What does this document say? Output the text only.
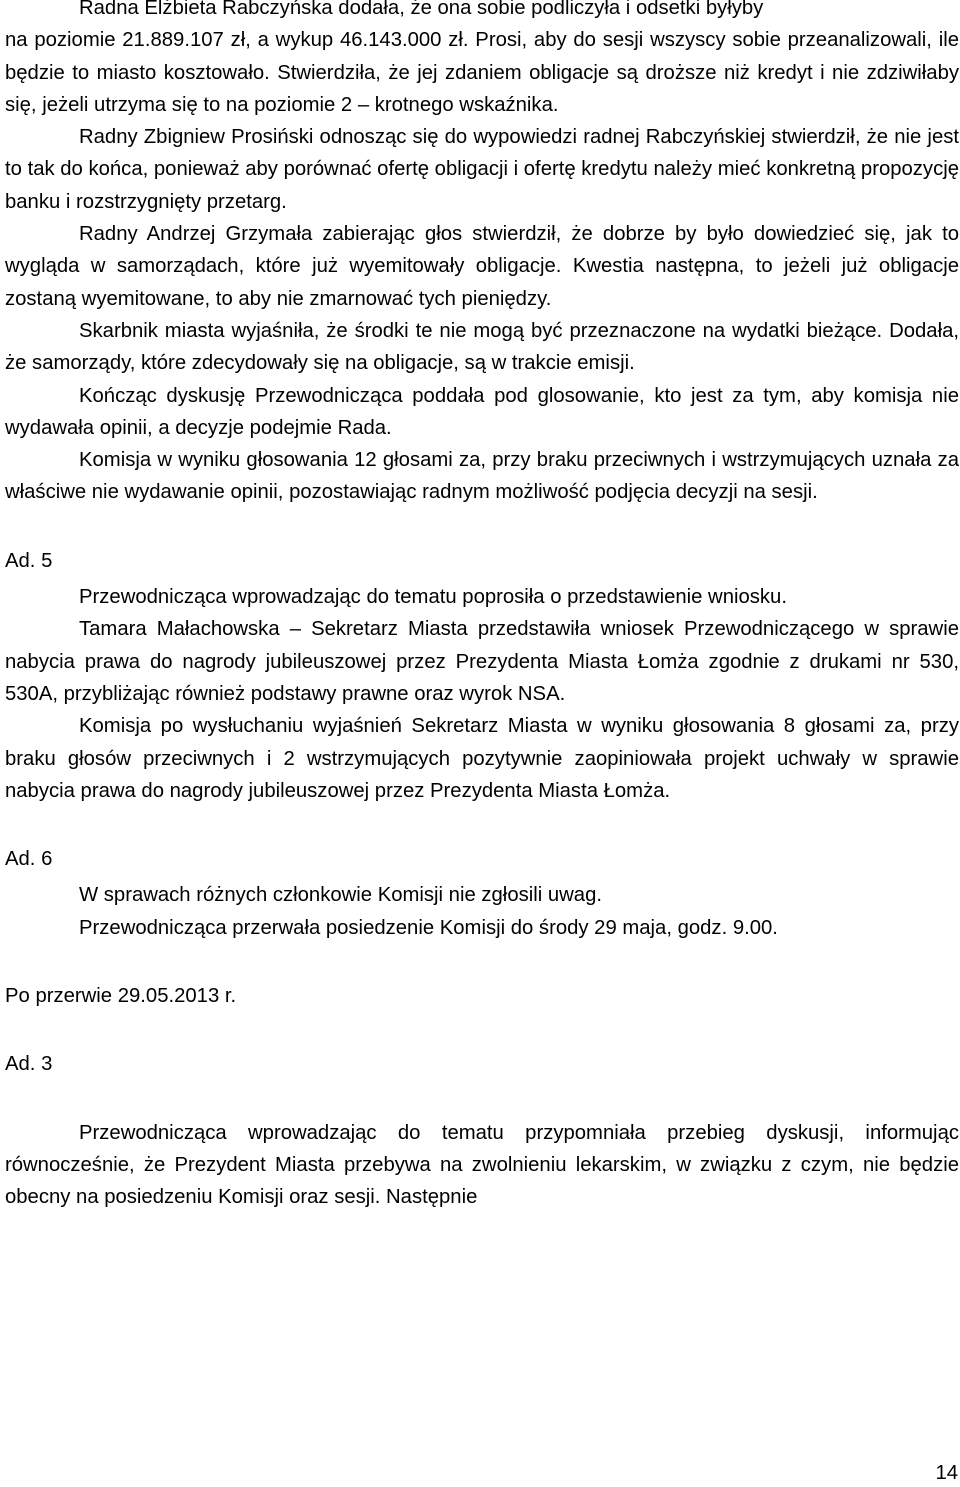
Radna Elżbieta Rabczyńska dodała, że ona sobie podliczyła i odsetki byłyby
na poziomie 21.889.107 zł, a wykup 46.143.000 zł. Prosi, aby do sesji wszyscy sobie przeanalizowali, ile będzie to miasto kosztowało. Stwierdziła, że jej zdaniem obligacje są droższe niż kredyt i nie zdziwiłaby się, jeżeli utrzyma się to na poziomie 2 – krotnego wskaźnika.

Radny Zbigniew Prosiński odnosząc się do wypowiedzi radnej Rabczyńskiej stwierdził, że nie jest to tak do końca, ponieważ aby porównać ofertę obligacji i ofertę kredytu należy mieć konkretną propozycję banku i rozstrzygnięty przetarg.

Radny Andrzej Grzymała zabierając głos stwierdził, że dobrze by było dowiedzieć się, jak to wygląda w samorządach, które już wyemitowały obligacje. Kwestia następna, to jeżeli już obligacje zostaną wyemitowane, to aby nie zmarnować tych pieniędzy.

Skarbnik miasta wyjaśniła, że środki te nie mogą być przeznaczone na wydatki bieżące. Dodała, że samorządy, które zdecydowały się na obligacje, są w trakcie emisji.

Kończąc dyskusję Przewodnicząca poddała pod glosowanie, kto jest za tym, aby komisja nie wydawała opinii, a decyzje podejmie Rada.

Komisja w wyniku głosowania 12 głosami za, przy braku przeciwnych i wstrzymujących uznała za właściwe nie wydawanie opinii, pozostawiając radnym możliwość podjęcia decyzji na sesji.

Ad. 5

Przewodnicząca wprowadzając do tematu poprosiła o przedstawienie wniosku.

Tamara Małachowska – Sekretarz Miasta przedstawiła wniosek Przewodniczącego w sprawie nabycia prawa do nagrody jubileuszowej przez Prezydenta Miasta Łomża zgodnie z drukami nr 530, 530A, przybliżając również podstawy prawne oraz wyrok NSA.

Komisja po wysłuchaniu wyjaśnień Sekretarz Miasta w wyniku głosowania 8 głosami za, przy braku głosów przeciwnych i 2 wstrzymujących pozytywnie zaopiniowała projekt uchwały w sprawie nabycia prawa do nagrody jubileuszowej przez Prezydenta Miasta Łomża.

Ad. 6

W sprawach różnych członkowie Komisji nie zgłosili uwag.

Przewodnicząca przerwała posiedzenie Komisji do środy 29 maja, godz. 9.00.

Po przerwie 29.05.2013 r.

Ad. 3

Przewodnicząca wprowadzając do tematu przypomniała przebieg dyskusji, informując równocześnie, że Prezydent Miasta przebywa na zwolnieniu lekarskim, w związku z czym, nie będzie obecny na posiedzeniu Komisji oraz sesji. Następnie

14
